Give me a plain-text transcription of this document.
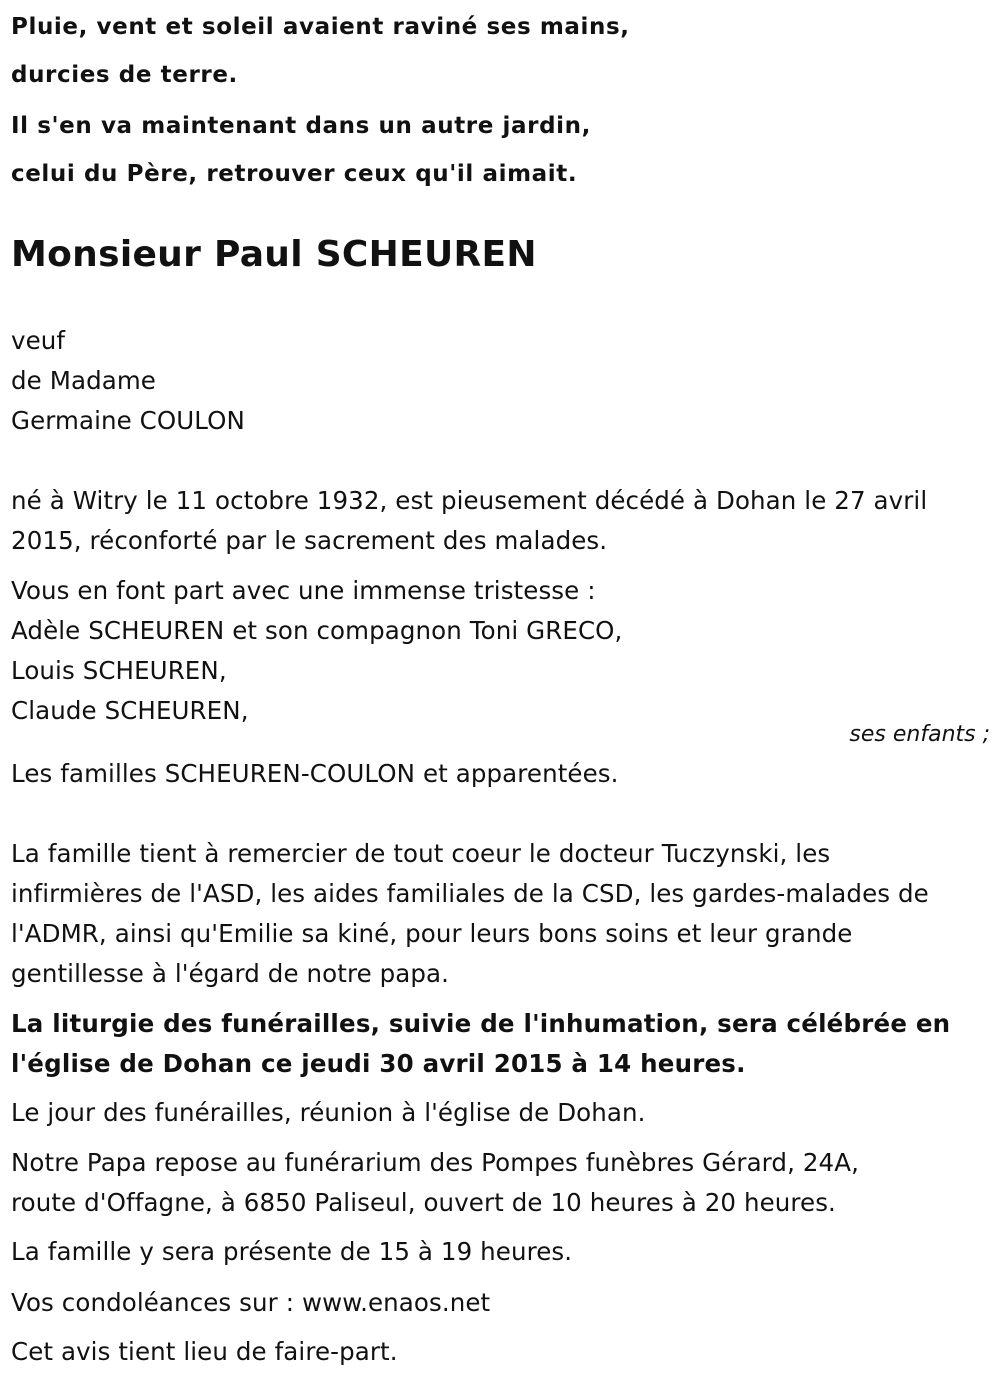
Pluie, vent et soleil avaient raviné ses mains,
durcies de terre.
Il s'en va maintenant dans un autre jardin,
celui du Père, retrouver ceux qu'il aimait.
Monsieur Paul SCHEUREN
veuf
de Madame
Germaine COULON
né à Witry le 11 octobre 1932, est pieusement décédé à Dohan le 27 avril
2015, réconforté par le sacrement des malades.
Vous en font part avec une immense tristesse :
Adèle SCHEUREN et son compagnon Toni GRECO,
Louis SCHEUREN,
Claude SCHEUREN,
ses enfants ;
Les familles SCHEUREN-COULON et apparentées.
La famille tient à remercier de tout coeur le docteur Tuczynski, les
infirmières de l'ASD, les aides familiales de la CSD, les gardes-malades de
l'ADMR, ainsi qu'Emilie sa kiné, pour leurs bons soins et leur grande
gentillesse à l'égard de notre papa.
La liturgie des funérailles, suivie de l'inhumation, sera célébrée en
l'église de Dohan ce jeudi 30 avril 2015 à 14 heures.
Le jour des funérailles, réunion à l'église de Dohan.
Notre Papa repose au funérarium des Pompes funèbres Gérard, 24A,
route d'Offagne, à 6850 Paliseul, ouvert de 10 heures à 20 heures.
La famille y sera présente de 15 à 19 heures.
Vos condoléances sur : www.enaos.net
Cet avis tient lieu de faire-part.
